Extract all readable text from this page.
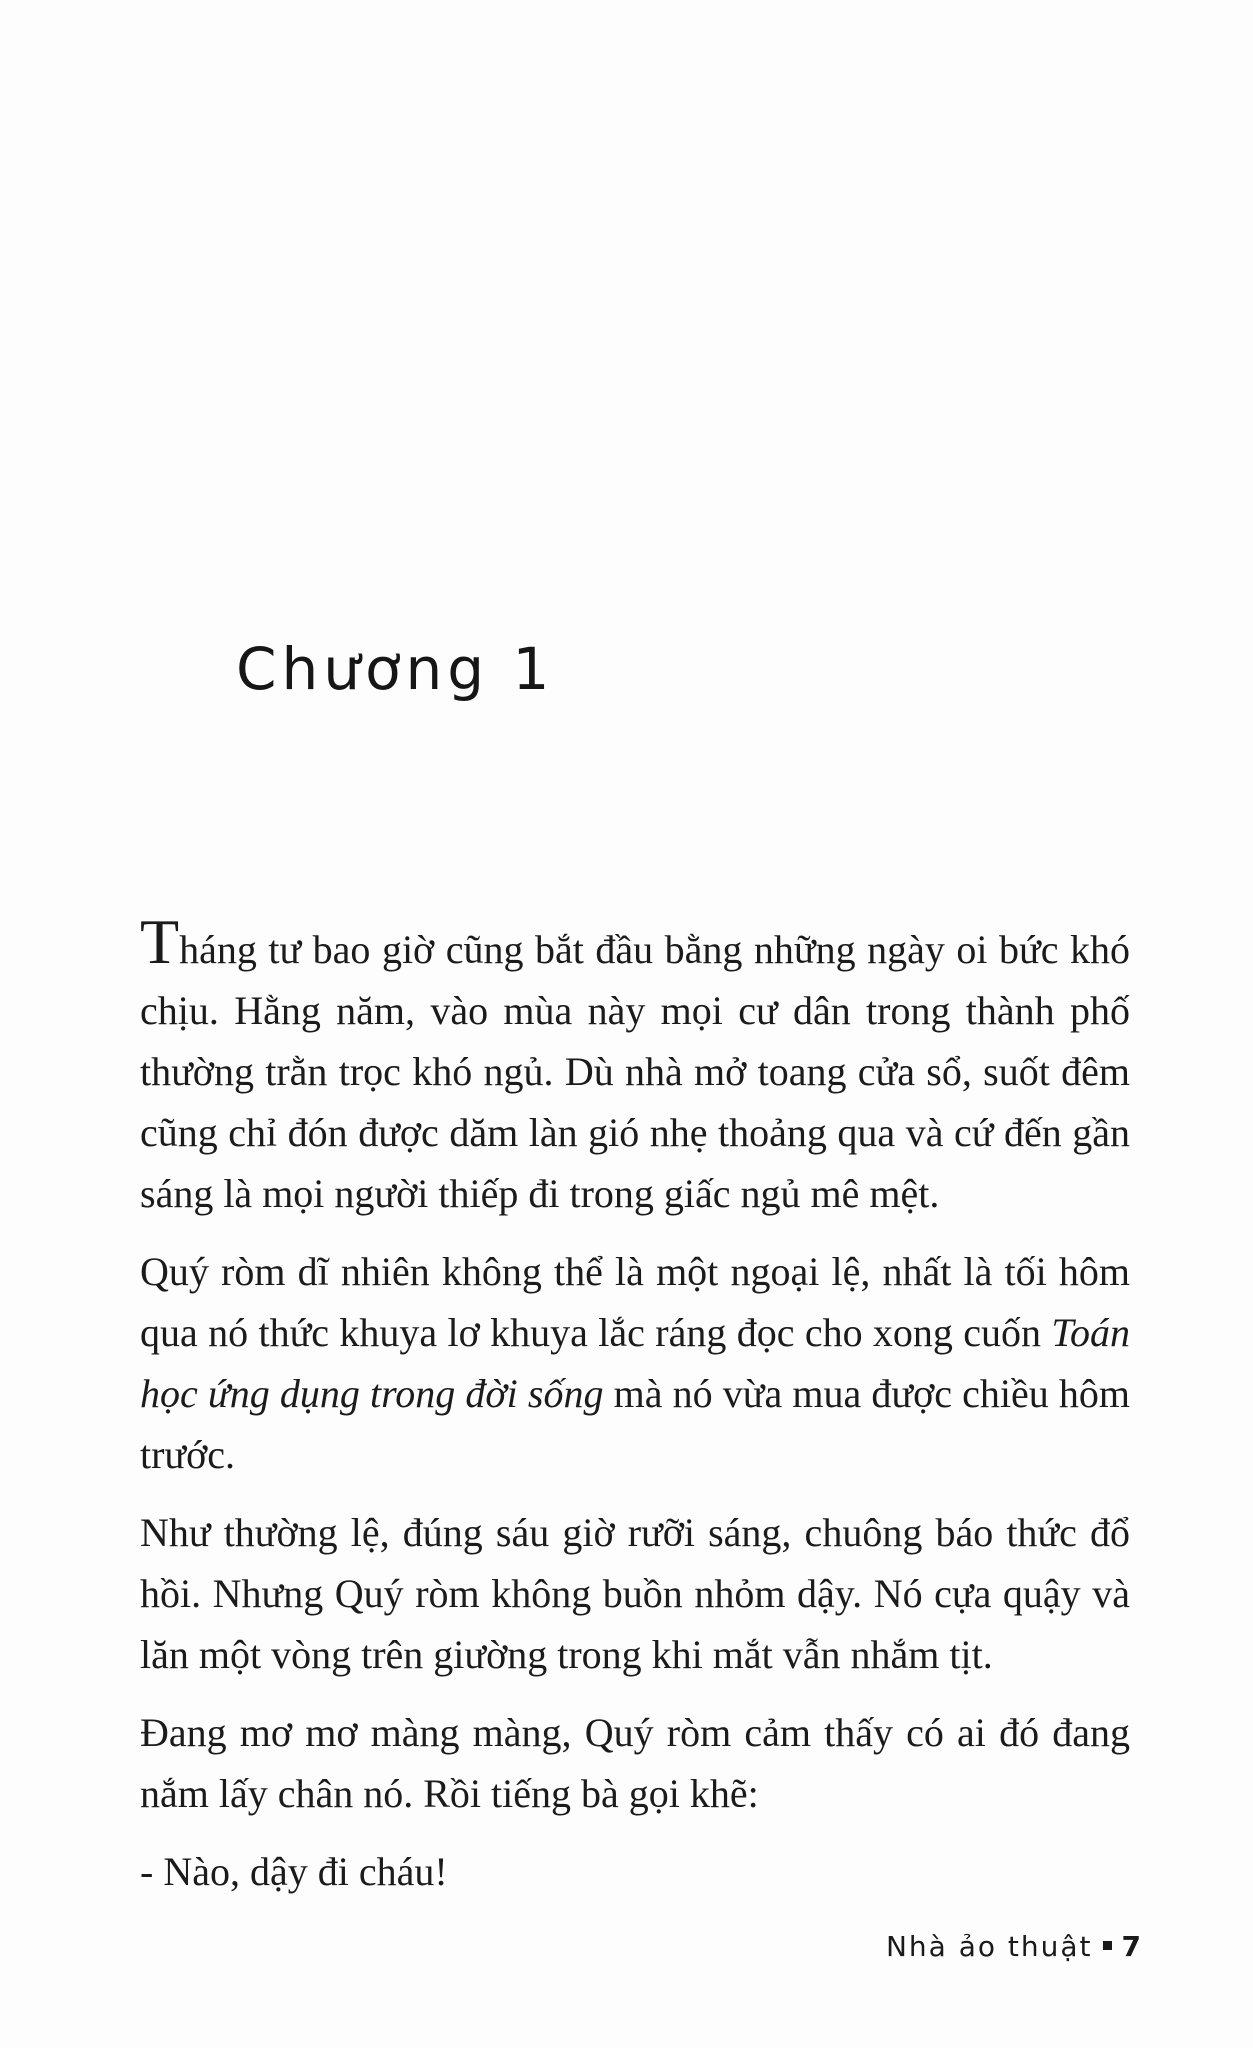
Chương 1

Tháng tư bao giờ cũng bắt đầu bằng những ngày oi bức khó chịu. Hằng năm, vào mùa này mọi cư dân trong thành phố thường trằn trọc khó ngủ. Dù nhà mở toang cửa sổ, suốt đêm cũng chỉ đón được dăm làn gió nhẹ thoảng qua và cứ đến gần sáng là mọi người thiếp đi trong giấc ngủ mê mệt.

Quý ròm dĩ nhiên không thể là một ngoại lệ, nhất là tối hôm qua nó thức khuya lơ khuya lắc ráng đọc cho xong cuốn Toán học ứng dụng trong đời sống mà nó vừa mua được chiều hôm trước.

Như thường lệ, đúng sáu giờ rưỡi sáng, chuông báo thức đổ hồi. Nhưng Quý ròm không buồn nhỏm dậy. Nó cựa quậy và lăn một vòng trên giường trong khi mắt vẫn nhắm tịt.

Đang mơ mơ màng màng, Quý ròm cảm thấy có ai đó đang nắm lấy chân nó. Rồi tiếng bà gọi khẽ:

- Nào, dậy đi cháu!

Nhà ảo thuật 7
